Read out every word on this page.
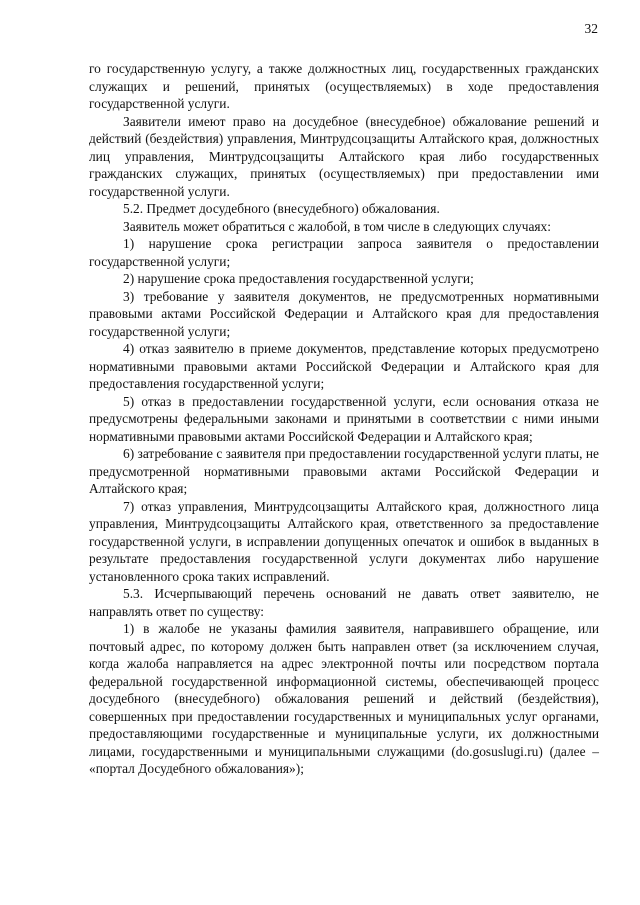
32

го государственную услугу, а также должностных лиц, государственных гражданских служащих и решений, принятых (осуществляемых) в ходе предоставления государственной услуги.

Заявители имеют право на досудебное (внесудебное) обжалование решений и действий (бездействия) управления, Минтрудсоцзащиты Алтайского края, должностных лиц управления, Минтрудсоцзащиты Алтайского края либо государственных гражданских служащих, принятых (осуществляемых) при предоставлении ими государственной услуги.

5.2. Предмет досудебного (внесудебного) обжалования.

Заявитель может обратиться с жалобой, в том числе в следующих случаях:

1) нарушение срока регистрации запроса заявителя о предоставлении государственной услуги;

2) нарушение срока предоставления государственной услуги;

3) требование у заявителя документов, не предусмотренных нормативными правовыми актами Российской Федерации и Алтайского края для предоставления государственной услуги;

4) отказ заявителю в приеме документов, представление которых предусмотрено нормативными правовыми актами Российской Федерации и Алтайского края для предоставления государственной услуги;

5) отказ в предоставлении государственной услуги, если основания отказа не предусмотрены федеральными законами и принятыми в соответствии с ними иными нормативными правовыми актами Российской Федерации и Алтайского края;

6) затребование с заявителя при предоставлении государственной услуги платы, не предусмотренной нормативными правовыми актами Российской Федерации и Алтайского края;

7) отказ управления, Минтрудсоцзащиты Алтайского края, должностного лица управления, Минтрудсоцзащиты Алтайского края, ответственного за предоставление государственной услуги, в исправлении допущенных опечаток и ошибок в выданных в результате предоставления государственной услуги документах либо нарушение установленного срока таких исправлений.

5.3. Исчерпывающий перечень оснований не давать ответ заявителю, не направлять ответ по существу:

1) в жалобе не указаны фамилия заявителя, направившего обращение, или почтовый адрес, по которому должен быть направлен ответ (за исключением случая, когда жалоба направляется на адрес электронной почты или посредством портала федеральной государственной информационной системы, обеспечивающей процесс досудебного (внесудебного) обжалования решений и действий (бездействия), совершенных при предоставлении государственных и муниципальных услуг органами, предоставляющими государственные и муниципальные услуги, их должностными лицами, государственными и муниципальными служащими (do.gosuslugi.ru) (далее – «портал Досудебного обжалования»);
